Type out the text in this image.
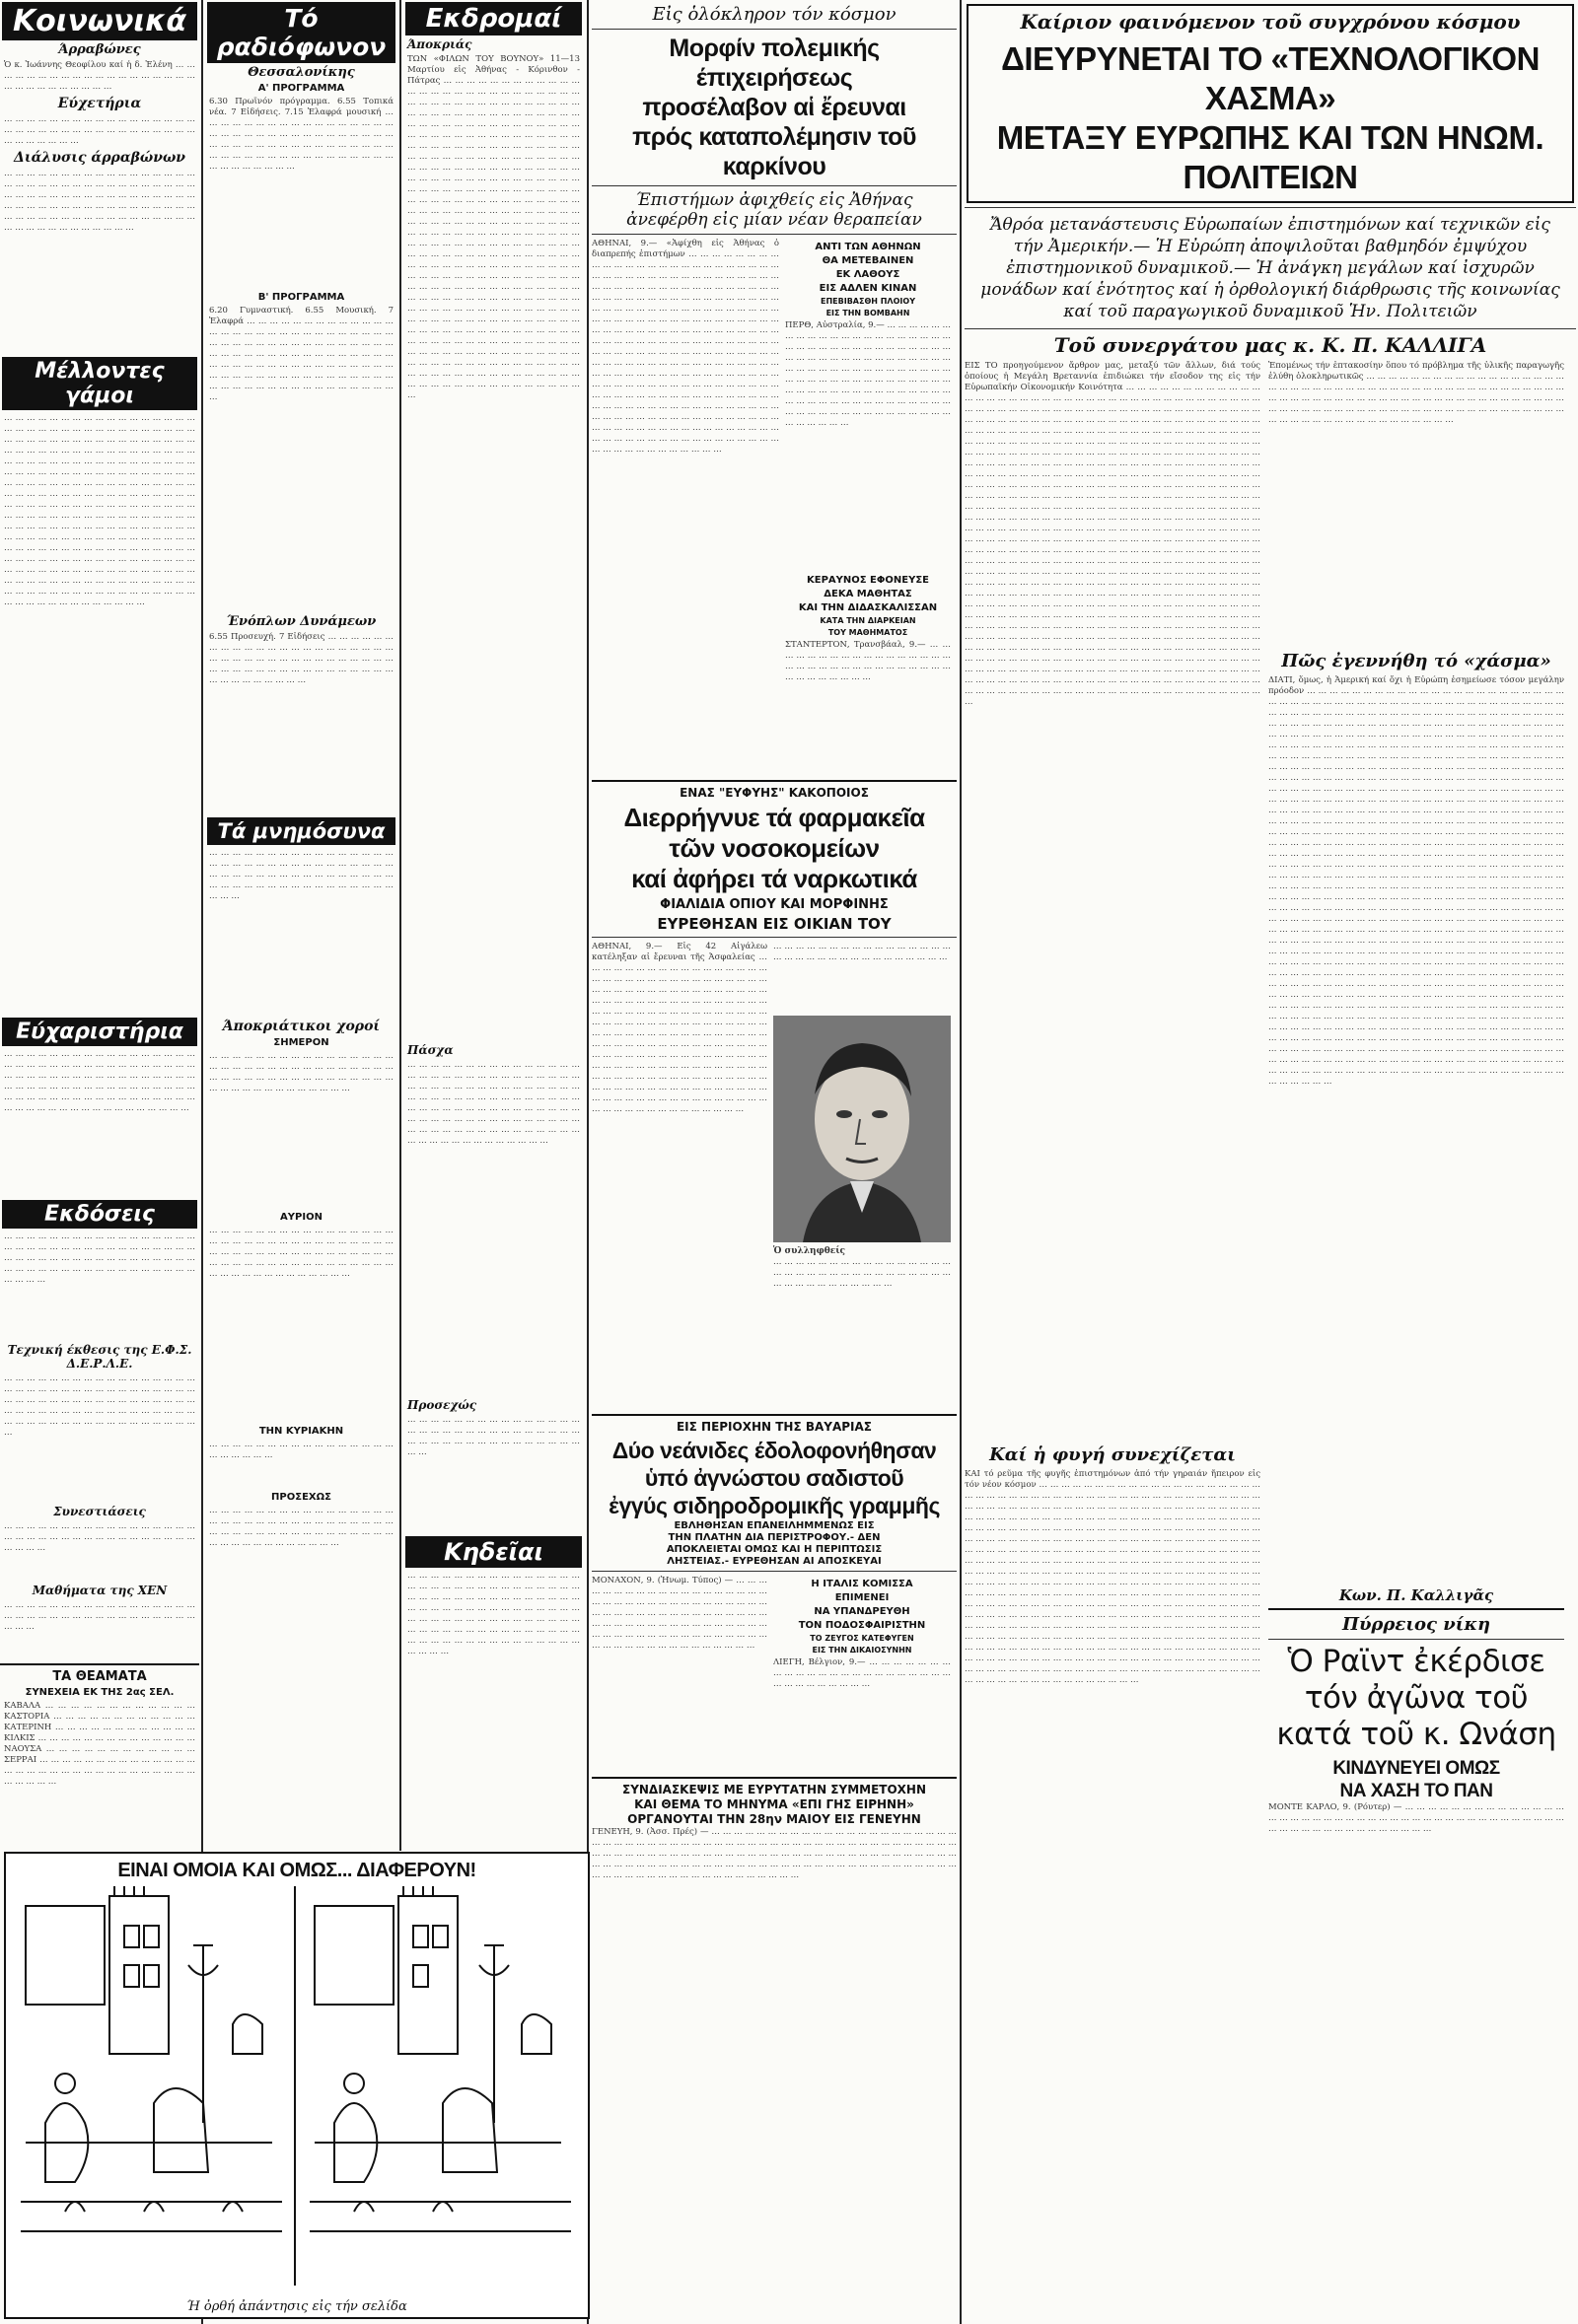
Κοινωνικά
Άρραβώνες
Ὁ κ. Ἰωάννης Θεοφίλου καί ἡ δ. Ἑλένη … … … … … … … … … … … … … … … … … … … … … … … … … … … … …
Εύχετήρια
… … … … … … … … … … … … … … … … … … … … … … … … … … … … … … … … … … … … … … … … …
Διάλυσις άρραβώνων
… … … … … … … … … … … … … … … … … … … … … … … … … … … … … … … … … … … … … … … … … … … … … … … … … … … … … … … … … … … … … … … … … … … … … … … … … … … … … … … … … … … … … … … … … … … … … … … … …
Μέλλοντες γάμοι
… … … … … … … … … … … … … … … … … … … … … … … … … … … … … … … … … … … … … … … … … … … … … … … … … … … … … … … … … … … … … … … … … … … … … … … … … … … … … … … … … … … … … … … … … … … … … … … … … … … … … … … … … … … … … … … … … … … … … … … … … … … … … … … … … … … … … … … … … … … … … … … … … … … … … … … … … … … … … … … … … … … … … … … … … … … … … … … … … … … … … … … … … … … … … … … … … … … … … … … … … … … … … … … … … … … … … … … … … … … … … … … … … … … … … … … … … … … … … … … … … … … … … … … … … … … … … … … … … … … … … … … … … … … … … … … … … … … … … … … … … … … … … … … … … … … … … … … … … … … … … …
Εύχαριστήρια
… … … … … … … … … … … … … … … … … … … … … … … … … … … … … … … … … … … … … … … … … … … … … … … … … … … … … … … … … … … … … … … … … … … … … … … … … … … … … … … … … … … … … … … … … … … … … … … … … … … … … …
Εκδόσεις
… … … … … … … … … … … … … … … … … … … … … … … … … … … … … … … … … … … … … … … … … … … … … … … … … … … … … … … … … … … … … … … … … … … … … … … …
Τεχνική έκθεσις της Ε.Φ.Σ. Δ.Ε.Ρ.Λ.Ε.
… … … … … … … … … … … … … … … … … … … … … … … … … … … … … … … … … … … … … … … … … … … … … … … … … … … … … … … … … … … … … … … … … … … … … … … … … … … … … … … … … … … … … …
Συνεστιάσεις
… … … … … … … … … … … … … … … … … … … … … … … … … … … … … … … … … … … … … …
Μαθήματα της ΧΕΝ
… … … … … … … … … … … … … … … … … … … … … … … … … … … … … … … … … … … … …
ΤΑ ΘΕΑΜΑΤΑ
ΣΥΝΕΧΕΙΑ ΕΚ ΤΗΣ 2ας ΣΕΛ.
ΚΑΒΑΛΑ … … … … … … … … … … … … ΚΑΣΤΟΡΙΑ … … … … … … … … … … … … ΚΑΤΕΡΙΝΗ … … … … … … … … … … … … ΚΙΛΚΙΣ … … … … … … … … … … … … … … ΝΑΟΥΣΑ … … … … … … … … … … … … ΣΕΡΡΑΙ … … … … … … … … … … … … … … … … … … … … … … … … … … … … … … … … … … … …
Τό ραδιόφωνον
Θεσσαλονίκης
Α' ΠΡΟΓΡΑΜΜΑ
6.30 Πρωϊνόν πρόγραμμα. 6.55 Τοπικά νέα. 7 Εἰδήσεις. 7.15 Ἑλαφρά μουσική … … … … … … … … … … … … … … … … … … … … … … … … … … … … … … … … … … … … … … … … … … … … … … … … … … … … … … … … … … … … … … … … … … … … … … … … …
Β' ΠΡΟΓΡΑΜΜΑ
6.20 Γυμναστική. 6.55 Μουσική. 7 Ἑλαφρά … … … … … … … … … … … … … … … … … … … … … … … … … … … … … … … … … … … … … … … … … … … … … … … … … … … … … … … … … … … … … … … … … … … … … … … … … … … … … … … … … … … … … … … … … … … … … … … … … … … … … … … … … … … … … …
Ένόπλων Δυνάμεων
6.55 Προσευχή. 7 Εἰδήσεις … … … … … … … … … … … … … … … … … … … … … … … … … … … … … … … … … … … … … … … … … … … … … … … … … … … … … … … … … … … … … … …
Τά μνημόσυνα
… … … … … … … … … … … … … … … … … … … … … … … … … … … … … … … … … … … … … … … … … … … … … … … … … … … … … … … … … … … … … … … … … … …
Άποκριάτικοι χοροί
ΣΗΜΕΡΟΝ
… … … … … … … … … … … … … … … … … … … … … … … … … … … … … … … … … … … … … … … … … … … … … … … … … … … … … … … … … … … … …
ΑΥΡΙΟΝ
… … … … … … … … … … … … … … … … … … … … … … … … … … … … … … … … … … … … … … … … … … … … … … … … … … … … … … … … … … … … … … … … … … … … … … … … … … … … …
ΤΗΝ ΚΥΡΙΑΚΗΝ
… … … … … … … … … … … … … … … … … … … … … …
ΠΡΟΣΕΧΩΣ
… … … … … … … … … … … … … … … … … … … … … … … … … … … … … … … … … … … … … … … … … … … … … … … … … … … … … … … … … … … …
Εκδρομαί
Άποκριάς
ΤΩΝ «ΦΙΛΩΝ ΤΟΥ ΒΟΥΝΟΥ» 11—13 Μαρτίου εἰς Ἀθήνας - Κόρινθον - Πάτρας … … … … … … … … … … … … … … … … … … … … … … … … … … … … … … … … … … … … … … … … … … … … … … … … … … … … … … … … … … … … … … … … … … … … … … … … … … … … … … … … … … … … … … … … … … … … … … … … … … … … … … … … … … … … … … … … … … … … … … … … … … … … … … … … … … … … … … … … … … … … … … … … … … … … … … … … … … … … … … … … … … … … … … … … … … … … … … … … … … … … … … … … … … … … … … … … … … … … … … … … … … … … … … … … … … … … … … … … … … … … … … … … … … … … … … … … … … … … … … … … … … … … … … … … … … … … … … … … … … … … … … … … … … … … … … … … … … … … … … … … … … … … … … … … … … … … … … … … … … … … … … … … … … … … … … … … … … … … … … … … … … … … … … … … … … … … … … … … … … … … … … … … … … … … … … … … … … … … … … … … … … … … … … … … … … … … … … … … … … … … … … … … … … … … … … … … … … … … … … … … … … … … … … … … … … … … … … … … … … … … … … … … … … … … … … … … …
Πάσχα
… … … … … … … … … … … … … … … … … … … … … … … … … … … … … … … … … … … … … … … … … … … … … … … … … … … … … … … … … … … … … … … … … … … … … … … … … … … … … … … … … … … … … … … … … … … … … … … … … … … … … … … … … … … … … … … … … … … … … …
Προσεχώς
… … … … … … … … … … … … … … … … … … … … … … … … … … … … … … … … … … … … … … … … … … … … … … …
Κηδεῖαι
… … … … … … … … … … … … … … … … … … … … … … … … … … … … … … … … … … … … … … … … … … … … … … … … … … … … … … … … … … … … … … … … … … … … … … … … … … … … … … … … … … … … … … … … … … … … … … … … … … … … … … … … … … … … …
ΕΙΝΑΙ ΟΜΟΙΑ ΚΑΙ ΟΜΩΣ... ΔΙΑΦΕΡΟΥΝ!
Ή ὀρθή ἀπάντησις εἰς τήν σελίδα
Εἰς ὁλόκληρον τόν κόσμον
Μορφίν πολεμικής έπιχειρήσεως
προσέλαβον αἱ ἔρευναι
πρός καταπολέμησιν τοῦ καρκίνου
Έπιστήμων ἀφιχθείς εἰς Ἀθήνας
ἀνεφέρθη εἰς μίαν νέαν θεραπείαν
ΑΘΗΝΑΙ, 9.— «Ἀφίχθη εἰς Ἀθήνας ὁ διαπρεπής ἐπιστήμων … … … … … … … … … … … … … … … … … … … … … … … … … … … … … … … … … … … … … … … … … … … … … … … … … … … … … … … … … … … … … … … … … … … … … … … … … … … … … … … … … … … … … … … … … … … … … … … … … … … … … … … … … … … … … … … … … … … … … … … … … … … … … … … … … … … … … … … … … … … … … … … … … … … … … … … … … … … … … … … … … … … … … … … … … … … … … … … … … … … … … … … … … … … … … … … … … … … … … … … … … … … … … … … … … … … … … … … … … … … … … … … … … … … … … … … … … … … … … … … … … … … … … … … … … … … … … … … … … … … … … … … … … … … … … … … … … … … … … … … … … … … … … … … … … … … … … … … … … … … … … … … … … … … … …
ΑΝΤΙ ΤΩΝ ΑΘΗΝΩΝ
ΘΑ ΜΕΤΕΒΑΙΝΕΝ
ΕΚ ΛΑΘΟΥΣ
ΕΙΣ ΑΔΛΕΝ ΚΙΝΑΝ
ΕΠΕΒΙΒΑΣΘΗ ΠΛΟΙΟΥ
ΕΙΣ ΤΗΝ ΒΟΜΒΑΗΝ
ΠΕΡΘ, Αὐστραλία, 9.— … … … … … … … … … … … … … … … … … … … … … … … … … … … … … … … … … … … … … … … … … … … … … … … … … … … … … … … … … … … … … … … … … … … … … … … … … … … … … … … … … … … … … … … … … … … … … … … … … … … … … … … … … … … … … … … … … … … … … … … … … … … … … … … … … … … …
ΚΕΡΑΥΝΟΣ ΕΦΟΝΕΥΣΕ
ΔΕΚΑ ΜΑΘΗΤΑΣ
ΚΑΙ ΤΗΝ ΔΙΔΑΣΚΑΛΙΣΣΑΝ
ΚΑΤΑ ΤΗΝ ΔΙΑΡΚΕΙΑΝ
ΤΟΥ ΜΑΘΗΜΑΤΟΣ
ΣΤΑΝΤΕΡΤΟΝ, Τρανσβάαλ, 9.— … … … … … … … … … … … … … … … … … … … … … … … … … … … … … … … … … … … … … … … …
ΕΝΑΣ "ΕΥΦΥΗΣ" ΚΑΚΟΠΟΙΟΣ
Διερρήγνυε τά φαρμακεῖα
τῶν νοσοκομείων
καί ἀφήρει τά ναρκωτικά
ΦΙΑΛΙΔΙΑ ΟΠΙΟΥ ΚΑΙ ΜΟΡΦΙΝΗΣ
ΕΥΡΕΘΗΣΑΝ ΕΙΣ ΟΙΚΙΑΝ ΤΟΥ
ΑΘΗΝΑΙ, 9.— Εἰς 42 Αἰγάλεω κατέληξαν αἱ ἔρευναι τῆς Ἀσφαλείας … … … … … … … … … … … … … … … … … … … … … … … … … … … … … … … … … … … … … … … … … … … … … … … … … … … … … … … … … … … … … … … … … … … … … … … … … … … … … … … … … … … … … … … … … … … … … … … … … … … … … … … … … … … … … … … … … … … … … … … … … … … … … … … … … … … … … … … … … … … … … … … … … … … … … … … … … … … … … … … … … … … … … … … … … … … … … … … … … … … … … … … … … … … … … … … … … … … … … … … … … … … … … … … … … … … … … … … … … … … … … … …
… … … … … … … … … … … … … … … … … … … … … … … … … … … … … … … …
Ὁ συλληφθείς
… … … … … … … … … … … … … … … … … … … … … … … … … … … … … … … … … … … … … … … … … … …
ΕΙΣ ΠΕΡΙΟΧΗΝ ΤΗΣ ΒΑΥΑΡΙΑΣ
Δύο νεάνιδες έδολοφονήθησαν
ὑπό ἀγνώστου σαδιστοῦ
ἐγγύς σιδηροδρομικῆς γραμμῆς
ΕΒΛΗΘΗΣΑΝ ΕΠΑΝΕΙΛΗΜΜΕΝΩΣ ΕΙΣ
ΤΗΝ ΠΛΑΤΗΝ ΔΙΑ ΠΕΡΙΣΤΡΟΦΟΥ.- ΔΕΝ
ΑΠΟΚΛΕΙΕΤΑΙ ΟΜΩΣ ΚΑΙ Η ΠΕΡΙΠΤΩΣΙΣ
ΛΗΣΤΕΙΑΣ.- ΕΥΡΕΘΗΣΑΝ ΑΙ ΑΠΟΣΚΕΥΑΙ
ΜΟΝΑΧΟΝ, 9. (Ἡνωμ. Τύπος) — … … … … … … … … … … … … … … … … … … … … … … … … … … … … … … … … … … … … … … … … … … … … … … … … … … … … … … … … … … … … … … … … … … … … … … … … … … … … … … … … … … … … … … … … … … … … … … … … … …
Η ΙΤΑΛΙΣ ΚΟΜΙΣΣΑ
ΕΠΙΜΕΝΕΙ
ΝΑ ΥΠΑΝΔΡΕΥΘΗ
ΤΟΝ ΠΟΔΟΣΦΑΙΡΙΣΤΗΝ
ΤΟ ΖΕΥΓΟΣ ΚΑΤΕΦΥΓΕΝ
ΕΙΣ ΤΗΝ ΔΙΚΑΙΟΣΥΝΗΝ
ΛΙΕΓΗ, Βέλγιον, 9.— … … … … … … … … … … … … … … … … … … … … … … … … … … … … … … … …
ΣΥΝΔΙΑΣΚΕΨΙΣ ΜΕ ΕΥΡΥΤΑΤΗΝ ΣΥΜΜΕΤΟΧΗΝ
ΚΑΙ ΘΕΜΑ ΤΟ ΜΗΝΥΜΑ «ΕΠΙ ΓΗΣ ΕΙΡΗΝΗ»
ΟΡΓΑΝΟΥΤΑΙ ΤΗΝ 28ην ΜΑΙΟΥ ΕΙΣ ΓΕΝΕΥΗΝ
ΓΕΝΕΥΗ, 9. (Ἀσσ. Πρές) — … … … … … … … … … … … … … … … … … … … … … … … … … … … … … … … … … … … … … … … … … … … … … … … … … … … … … … … … … … … … … … … … … … … … … … … … … … … … … … … … … … … … … … … … … … … … … … … … … … … … … … … … … … … … … … … … … … … … … … … … … … … … … … … … … … … … … … … … … … … …
Καίριον φαινόμενον τοῦ συγχρόνου κόσμου
ΔΙΕΥΡΥΝΕΤΑΙ ΤΟ «ΤΕΧΝΟΛΟΓΙΚΟΝ ΧΑΣΜΑ»
ΜΕΤΑΞΥ ΕΥΡΩΠΗΣ ΚΑΙ ΤΩΝ ΗΝΩΜ. ΠΟΛΙΤΕΙΩΝ
Ἄθρόα μετανάστευσις Εὐρωπαίων ἐπιστημόνων καί τεχνικῶν εἰς τήν Ἀμερικήν.— Ἡ Εὐρώπη ἀποψιλοῦται βαθμηδόν ἐμψύχου ἐπιστημονικοῦ δυναμικοῦ.— Ἡ ἀνάγκη μεγάλων καί ἰσχυρῶν μονάδων καί ἑνότητος καί ἡ ὀρθολογική διάρθρωσις τῆς κοινωνίας καί τοῦ παραγωγικοῦ δυναμικοῦ Ἡν. Πολιτειῶν
Τοῦ συνεργάτου μας κ. Κ. Π. ΚΑΛΛΙΓΑ
ΕΙΣ ΤΟ προηγούμενον ἄρθρον μας, μεταξύ τῶν ἄλλων, διά τούς ὁποίους ἡ Μεγάλη Βρεταννία ἐπιδιώκει τήν εἴσοδον της εἰς τήν Εὐρωπαϊκήν Οἰκονομικήν Κοινότητα … … … … … … … … … … … … … … … … … … … … … … … … … … … … … … … … … … … … … … … … … … … … … … … … … … … … … … … … … … … … … … … … … … … … … … … … … … … … … … … … … … … … … … … … … … … … … … … … … … … … … … … … … … … … … … … … … … … … … … … … … … … … … … … … … … … … … … … … … … … … … … … … … … … … … … … … … … … … … … … … … … … … … … … … … … … … … … … … … … … … … … … … … … … … … … … … … … … … … … … … … … … … … … … … … … … … … … … … … … … … … … … … … … … … … … … … … … … … … … … … … … … … … … … … … … … … … … … … … … … … … … … … … … … … … … … … … … … … … … … … … … … … … … … … … … … … … … … … … … … … … … … … … … … … … … … … … … … … … … … … … … … … … … … … … … … … … … … … … … … … … … … … … … … … … … … … … … … … … … … … … … … … … … … … … … … … … … … … … … … … … … … … … … … … … … … … … … … … … … … … … … … … … … … … … … … … … … … … … … … … … … … … … … … … … … … … … … … … … … … … … … … … … … … … … … … … … … … … … … … … … … … … … … … … … … … … … … … … … … … … … … … … … … … … … … … … … … … … … … … … … … … … … … … … … … … … … … … … … … … … … … … … … … … … … … … … … … … … … … … … … … … … … … … … … … … … … … … … … … … … … … … … … … … … … … … … … … … … … … … … … … … … … … … … … … … … … … … … … … … … … … … … … … … … … … … … … … … … … … … … … … … … … … … … … … … … … … … … … … … … … … … … … … … … … … … … … … … … … … … … … … … … … … … … … … … … … … … … … … … … … … … … … … … … … … … … … … … … … … … … … … … … … … … … … … … … … … … … … … … … … … … … … … … … … … … … … … … … … … … … … … … … … … … … … … … … … … … … … … … … … … … … … … … … …
Καί ἡ φυγή συνεχίζεται
ΚΑΙ τό ρεῦμα τῆς φυγῆς ἐπιστημόνων ἀπό τήν γηραιάν ἤπειρον εἰς τόν νέον κόσμον … … … … … … … … … … … … … … … … … … … … … … … … … … … … … … … … … … … … … … … … … … … … … … … … … … … … … … … … … … … … … … … … … … … … … … … … … … … … … … … … … … … … … … … … … … … … … … … … … … … … … … … … … … … … … … … … … … … … … … … … … … … … … … … … … … … … … … … … … … … … … … … … … … … … … … … … … … … … … … … … … … … … … … … … … … … … … … … … … … … … … … … … … … … … … … … … … … … … … … … … … … … … … … … … … … … … … … … … … … … … … … … … … … … … … … … … … … … … … … … … … … … … … … … … … … … … … … … … … … … … … … … … … … … … … … … … … … … … … … … … … … … … … … … … … … … … … … … … … … … … … … … … … … … … … … … … … … … … … … … … … … … … … … … … … … … … … … … … … … … … … … … … … … … … … … … … … … … … … … … … … … … … … … … … … … … … … … … … … … … … … … … … … … … … … … … … … … … … … … … … … … … … … … … … … … … … … … … … … … … … … … … … … … … … … … … … … … … … … … … … … … … … … … … … … … … … … … … … … … … … … … … … … … … … … … … … … … … … … … … … … … … … … … … … … … … … … … …
Ἐπομένως τήν ἑπτακοσίην ὅπου τό πρόβλημα τῆς ὑλικῆς παραγωγῆς ἐλύθη ὁλοκληρωτικῶς … … … … … … … … … … … … … … … … … … … … … … … … … … … … … … … … … … … … … … … … … … … … … … … … … … … … … … … … … … … … … … … … … … … … … … … … … … … … … … … … … … … … … … … … … … … … … … … … … … … … … … … … … … … … … … … … … … … …
Πῶς ἐγεννήθη τό «χάσμα»
ΔΙΑΤΙ, ὅμως, ἡ Ἀμερική καί ὄχι ἡ Εὐρώπη ἐσημείωσε τόσον μεγάλην πρόοδον … … … … … … … … … … … … … … … … … … … … … … … … … … … … … … … … … … … … … … … … … … … … … … … … … … … … … … … … … … … … … … … … … … … … … … … … … … … … … … … … … … … … … … … … … … … … … … … … … … … … … … … … … … … … … … … … … … … … … … … … … … … … … … … … … … … … … … … … … … … … … … … … … … … … … … … … … … … … … … … … … … … … … … … … … … … … … … … … … … … … … … … … … … … … … … … … … … … … … … … … … … … … … … … … … … … … … … … … … … … … … … … … … … … … … … … … … … … … … … … … … … … … … … … … … … … … … … … … … … … … … … … … … … … … … … … … … … … … … … … … … … … … … … … … … … … … … … … … … … … … … … … … … … … … … … … … … … … … … … … … … … … … … … … … … … … … … … … … … … … … … … … … … … … … … … … … … … … … … … … … … … … … … … … … … … … … … … … … … … … … … … … … … … … … … … … … … … … … … … … … … … … … … … … … … … … … … … … … … … … … … … … … … … … … … … … … … … … … … … … … … … … … … … … … … … … … … … … … … … … … … … … … … … … … … … … … … … … … … … … … … … … … … … … … … … … … … … … … … … … … … … … … … … … … … … … … … … … … … … … … … … … … … … … … … … … … … … … … … … … … … … … … … … … … … … … … … … … … … … … … … … … … … … … … … … … … … … … … … … … … … … … … … … … … … … … … … … … … … … … … … … … … … … … … … … … … … … … … … … … … … … … … … … … … … … … … … … … … … … … … … … … … … … … … … … … … … … … … … … … … … … … … … … … … … … … … … … … … … … … … … … … … … … … … … … … … … … … … … … … … … … … … … … … … … … … … … … … … … … … … … … … … … … … … … … … … … … … … … … … … … … … … … … … … … … … … … … … … … … … … … … … … … … … … … … … … … … … … … … … … … … … … … … … … … … … … … … … … … … … … … … … … … … … … … … … … … … … … … … … … … … … … … … … … … … … … … … … … … … … … … … … … … … … … … … … … … … … … … … … … … … … … … … … … … … … … … … … … … … … … … … … … … … … … … … … … … … … … … … … … … … … … … … … … … … … … … … … … … … … … … … … … … … … … … … … … … … … … … … … … … … … … … … … … … … … … … … … … … … … … … … … … … … … … … … … … … …
Κων. Π. Καλλιγᾶς
Πύρρειος νίκη
Ὁ Ραϊντ ἐκέρδισε
τόν ἀγῶνα τοῦ
κατά τοῦ κ. Ωνάση
ΚΙΝΔΥΝΕΥΕΙ ΟΜΩΣ
ΝΑ ΧΑΣΗ ΤΟ ΠΑΝ
ΜΟΝΤΕ ΚΑΡΛΟ, 9. (Ρόυτερ) — … … … … … … … … … … … … … … … … … … … … … … … … … … … … … … … … … … … … … … … … … … … … … … … … … … … … … … … …
